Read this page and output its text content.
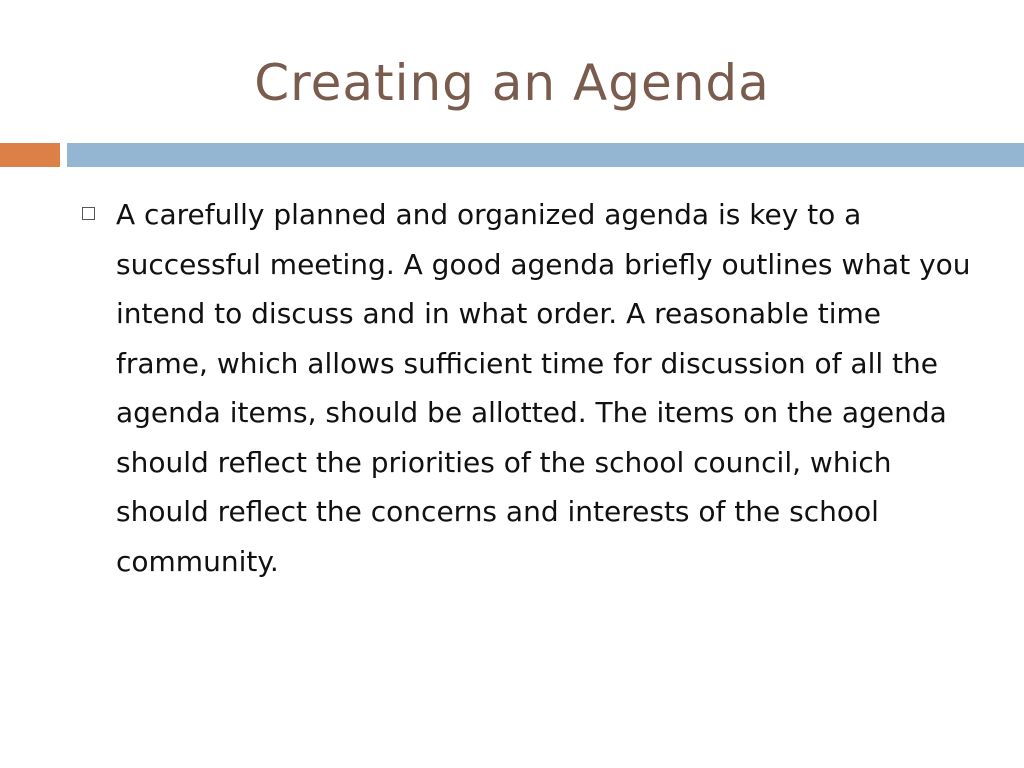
Creating an Agenda
A carefully planned and organized agenda is key to a successful meeting. A good agenda briefly outlines what you intend to discuss and in what order. A reasonable time frame, which allows sufficient time for discussion of all the agenda items, should be allotted. The items on the agenda should reflect the priorities of the school council, which should reflect the concerns and interests of the school community.
